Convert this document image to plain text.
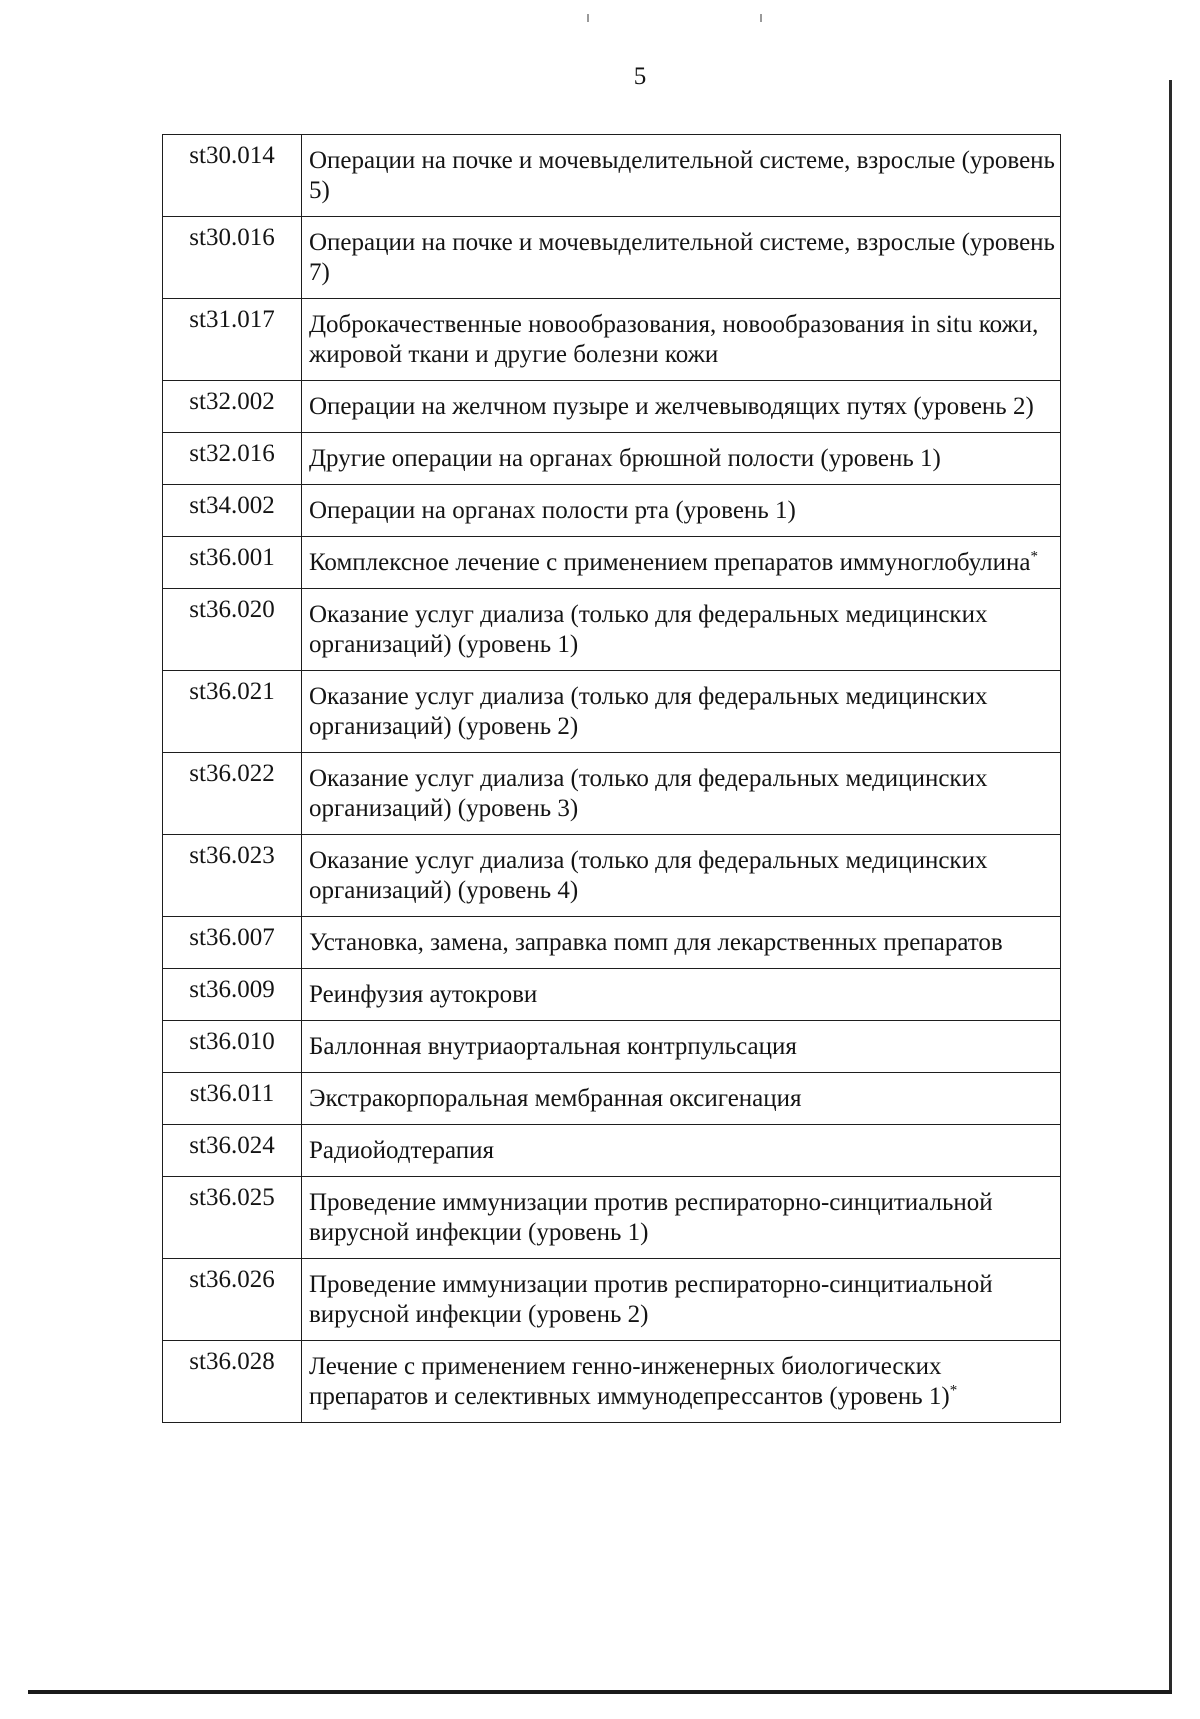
5
st30.014	Операции на почке и мочевыделительной системе, взрослые (уровень 5)
st30.016	Операции на почке и мочевыделительной системе, взрослые (уровень 7)
st31.017	Доброкачественные новообразования, новообразования in situ кожи, жировой ткани и другие болезни кожи
st32.002	Операции на желчном пузыре и желчевыводящих путях (уровень 2)
st32.016	Другие операции на органах брюшной полости (уровень 1)
st34.002	Операции на органах полости рта (уровень 1)
st36.001	Комплексное лечение с применением препаратов иммуноглобулина*
st36.020	Оказание услуг диализа (только для федеральных медицинских организаций) (уровень 1)
st36.021	Оказание услуг диализа (только для федеральных медицинских организаций) (уровень 2)
st36.022	Оказание услуг диализа (только для федеральных медицинских организаций) (уровень 3)
st36.023	Оказание услуг диализа (только для федеральных медицинских организаций) (уровень 4)
st36.007	Установка, замена, заправка помп для лекарственных препаратов
st36.009	Реинфузия аутокрови
st36.010	Баллонная внутриаортальная контрпульсация
st36.011	Экстракорпоральная мембранная оксигенация
st36.024	Радиойодтерапия
st36.025	Проведение иммунизации против респираторно-синцитиальной вирусной инфекции (уровень 1)
st36.026	Проведение иммунизации против респираторно-синцитиальной вирусной инфекции (уровень 2)
st36.028	Лечение с применением генно-инженерных биологических препаратов и селективных иммунодепрессантов (уровень 1)*
